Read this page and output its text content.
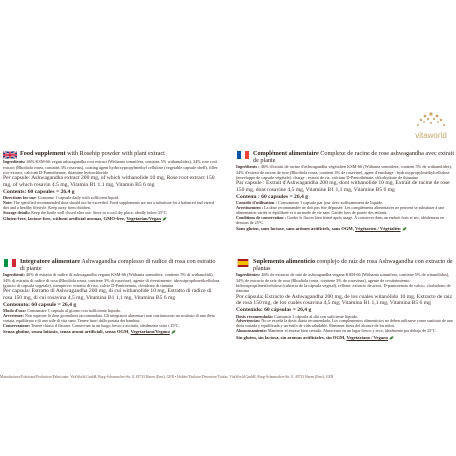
vitaworld
Food supplement with Rosehip powder with plant extract
Ingredients: 46% KSM-66 vegan ashwagandha root extract (Withania somnifera, contains 5% withanolides), 34% rose root extract (Rhodiola rosea, contains 3% rosavins), coating agent hydroxypropylmethyl cellulose (vegetable capsule shell), filler: rice extract, calcium D-Pantothenate, thiamine hydrochloride
Per capsule: Ashwagandha extract 200 mg, of which withanolide 10 mg, Rose root extract 150 mg, of which rosavin 4.5 mg, Vitamin B1 1.1 mg, Vitamin B5 6 mg
Contents: 60 capsules = 26.4 g
Directions for use: Consume 1 capsule daily with sufficient liquid.
Note: The specified recommended dose should not be exceeded. Food supplements are not a substitute for a balanced and varied diet and a healthy lifestyle. Keep away from children.
Storage details: Keep the bottle well closed after use. Store in a cool dry place, ideally below 25°C.
Gluten-free, lactose-free, without artificial aromas, GMO-free, Vegetarian/Vegan
Complément alimentaire Complexe de racine de rose ashwagandha avec extrait de plante
Ingrédients : 46% d'extrait de racine d'ashwagandha végétalien KSM-66 (Withania somnifera, contient 5% de withanolides), 34% d'extrait de racine de rose (Rhodiola rosea, contient 3% de rosavine), agent d'enrobage : hydroxypropylméthylcellulose (enveloppe de capsule végétale), charge : extrait de riz, calcium D-Pantothénate, chlorhydrate de thiamine
Par capsule : Extrait d'Ashwagandha 200 mg, dont withanolide 10 mg, Extrait de racine de rose 150 mg, dont rosavine 4,5 mg, Vitamine B1 1,1 mg, Vitamine B5 6 mg
Contenu : 60 capsules = 26,4 g
Conseils d'utilisation : Consommer 1 capsule par jour avec suffisamment de liquide.
Avertissement : La dose recommandée ne doit pas être dépassée. Les compléments alimentaires ne peuvent se substituer à une alimentation variée et équilibrée et à un mode de vie sain. Garder hors de portée des enfants.
Conditions de conservation : Garder le flacon bien fermé après usage. À conserver dans un endroit frais et sec, idéalement en dessous de 25°C.
Sans gluten, sans lactose, sans arômes artificiels, sans OGM, Végétarien / Végétalien
Integratore alimentare Ashwagandha complesso di radice di rosa con estratto di piante
Ingredienti: 46% di estratto di radice di ashwagandha vegano KSM-66 (Withania somnifera, contiene 5% di withanolidi), 34% di estratto di radice di rosa (Rhodiola rosea, contiene 3% di rosavine), agente di rivestimento: idrossipropilmetilcellulosa (guscio di capsula vegetale), riempitivo: estratto di riso, calcio D-Pantotenato, cloridrato di tiamina
Per capsula: Estratto di Ashwagandha 200 mg, di cui withanolide 10 mg, Estratto di radice di rosa 150 mg, di cui rosavina 4,5 mg, Vitamina B1 1,1 mg, Vitamina B5 6 mg
Contenuto: 60 capsule = 26,4 g
Modo d'uso: Consumare 1 capsula al giorno con sufficiente liquido.
Avvertenze: Non superare la dose giornaliera raccomandata. Gli integratori alimentari non costituiscono un sostituto di una dieta variata, equilibrata e di uno stile di vita sano. Tenere fuori dalla portata dei bambini.
Conservazione: Tenere chiuso il flacone. Conservare in un luogo fresco e asciutto, idealmente sotto i 25°C.
Senza glutine, senza lattosio, senza aromi artificiali, senza OGM, Vegetariano/Vegano
Suplemento alimenticio complejo de raíz de rosa Ashwagandha con extracto de plantas
Ingredientes: 46% de extracto de raíz de ashwagandha vegana KSM-66 (Withania somnifera, contiene 5% de witanólidos), 34% de extracto de raíz de rosa (Rhodiola rosea, contiene 3% de rosavinas), agente de recubrimiento: hidroxipropilmetilcelulosa (cubierta de la cápsula vegetal), relleno: extracto de arroz, D-pantotenato de calcio, clorhidrato de tiamina
Por cápsula: Extracto de Ashwagandha 200 mg, de los cuales witanólido 10 mg, Extracto de raíz de rosa 150 mg, de los cuales rosavina 4,5 mg, Vitamina B1 1,1 mg, Vitamina B5 6 mg
Contenido: 60 cápsulas = 26,4 g
Dosis recomendada: Consumir 1 cápsula al día con suficiente líquido.
Advertencias: No se exceda la dosis diaria recomendada. Los complementos alimenticios no deben utilizarse como sustituto de una dieta variada y equilibrada y un estilo de vida saludable. Mantener fuera del alcance de los niños.
Almacenamiento: Mantener el envase bien cerrado. Almacenar en un lugar fresco y seco, idealmente por debajo de 25°C.
Sin gluten, sin lactosa, sin aromas artificiales, sin OGM, Vegetariano / Vegano
Manufacturer/Fabricant/Produttore/Fabricante: VitaWorld GmbH, Burg-Schumacher-Str. 8, 49733 Haren (Ems), GER • Holder/Titulaire/Detentore/Titular: VitaWorld GmbH, Burg-Schumacher-Str. 8, 49733 Haren (Ems), GER
